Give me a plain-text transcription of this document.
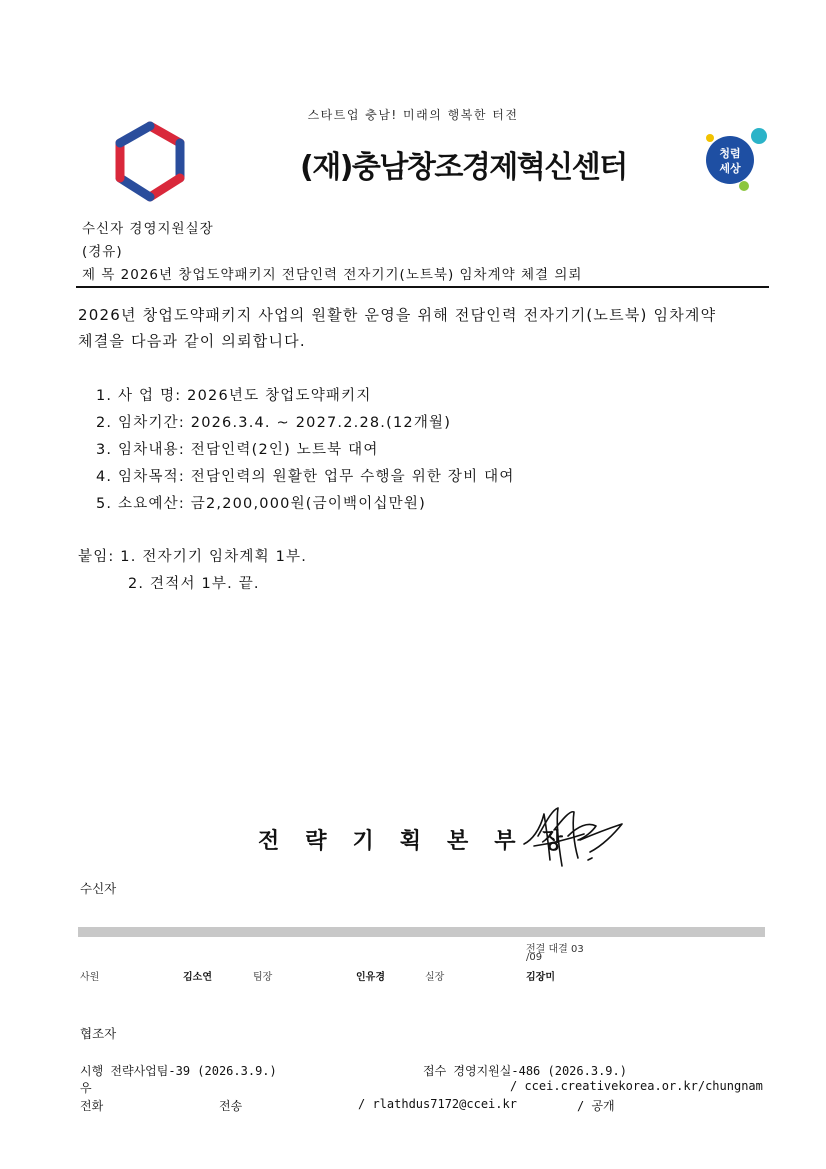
스타트업 충남! 미래의 행복한 터전
(재)충남창조경제혁신센터	청렴
세상
수신자 경영지원실장
(경유)
제 목 2026년 창업도약패키지 전담인력 전자기기(노트북) 임차계약 체결 의뢰
2026년 창업도약패키지 사업의 원활한 운영을 위해 전담인력 전자기기(노트북) 임차계약
체결을 다음과 같이 의뢰합니다.
1. 사 업 명: 2026년도 창업도약패키지
2. 임차기간: 2026.3.4. ~ 2027.2.28.(12개월)
3. 임차내용: 전담인력(2인) 노트북 대여
4. 임차목적: 전담인력의 원활한 업무 수행을 위한 장비 대여
5. 소요예산: 금2,200,000원(금이백이십만원)
붙임: 1. 전자기기 임차계획 1부.
2. 견적서 1부. 끝.
전략기획본부장
수신자
전결 대결 03
/09
사원	김소연	팀장	인유경	실장	김장미
협조자
시행 전략사업팀-39 (2026.3.9.)	접수 경영지원실-486 (2026.3.9.)
우	/ ccei.creativekorea.or.kr/chungnam
전화	전송	/ rlathdus7172@ccei.kr	/ 공개
